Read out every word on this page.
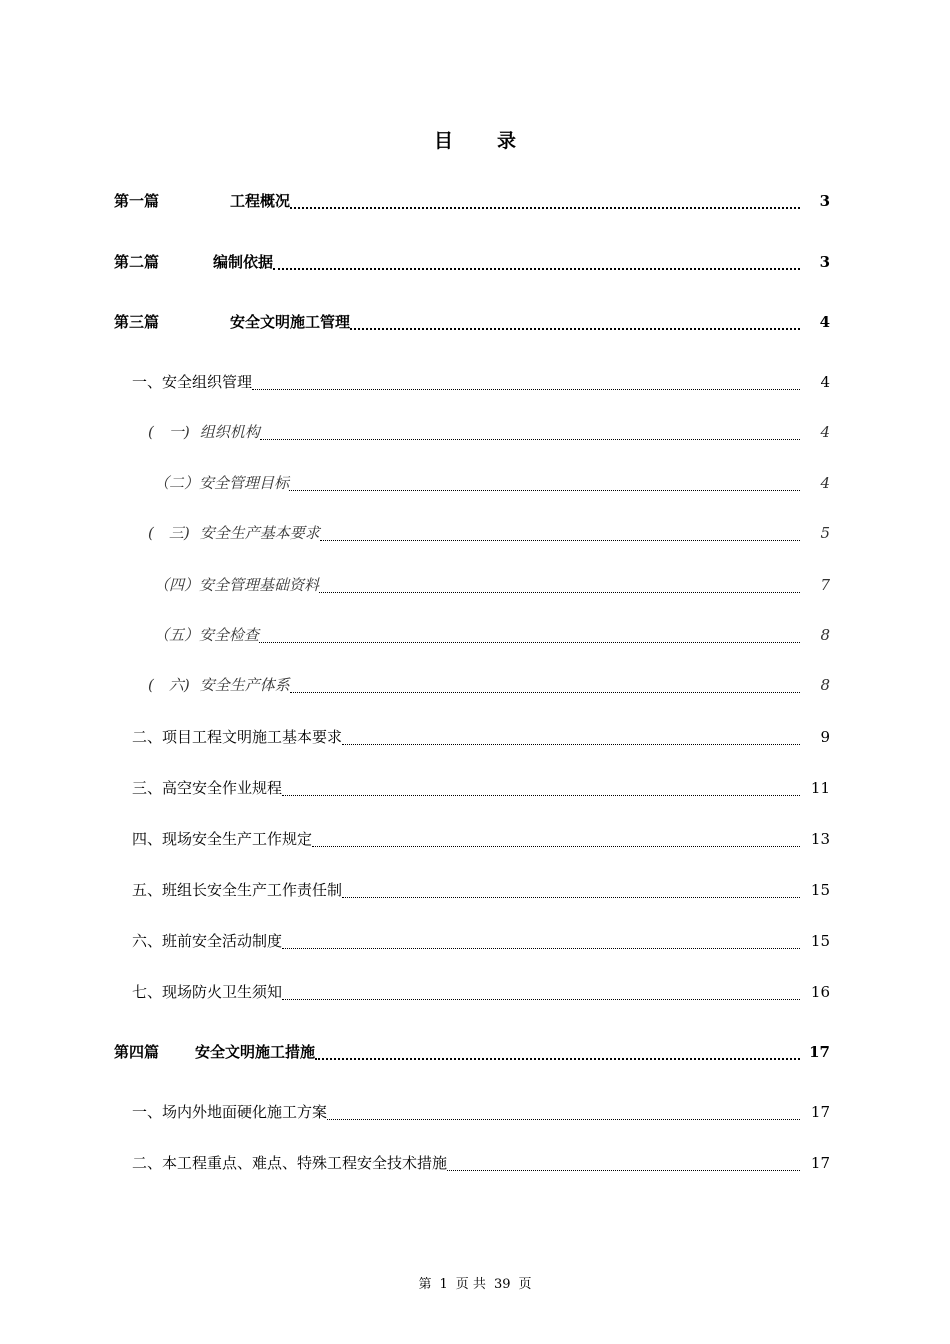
目 录
第一篇	工程概况	3
第二篇	编制依据	3
第三篇	安全文明施工管理	4
一、 安全组织管理	4
(　一) 组织机构	4
（二） 安全管理目标	4
(　三) 安全生产基本要求	5
（四） 安全管理基础资料	7
（五） 安全检查	8
(　六) 安全生产体系	8
二、 项目工程文明施工基本要求	9
三、 高空安全作业规程	11
四、 现场安全生产工作规定	13
五、 班组长安全生产工作责任制	15
六、 班前安全活动制度	15
七、 现场防火卫生须知	16
第四篇 安全文明施工措施	17
一、 场内外地面硬化施工方案	17
二、 本工程重点、难点、特殊工程安全技术措施	17
第 1 页 共 39 页
